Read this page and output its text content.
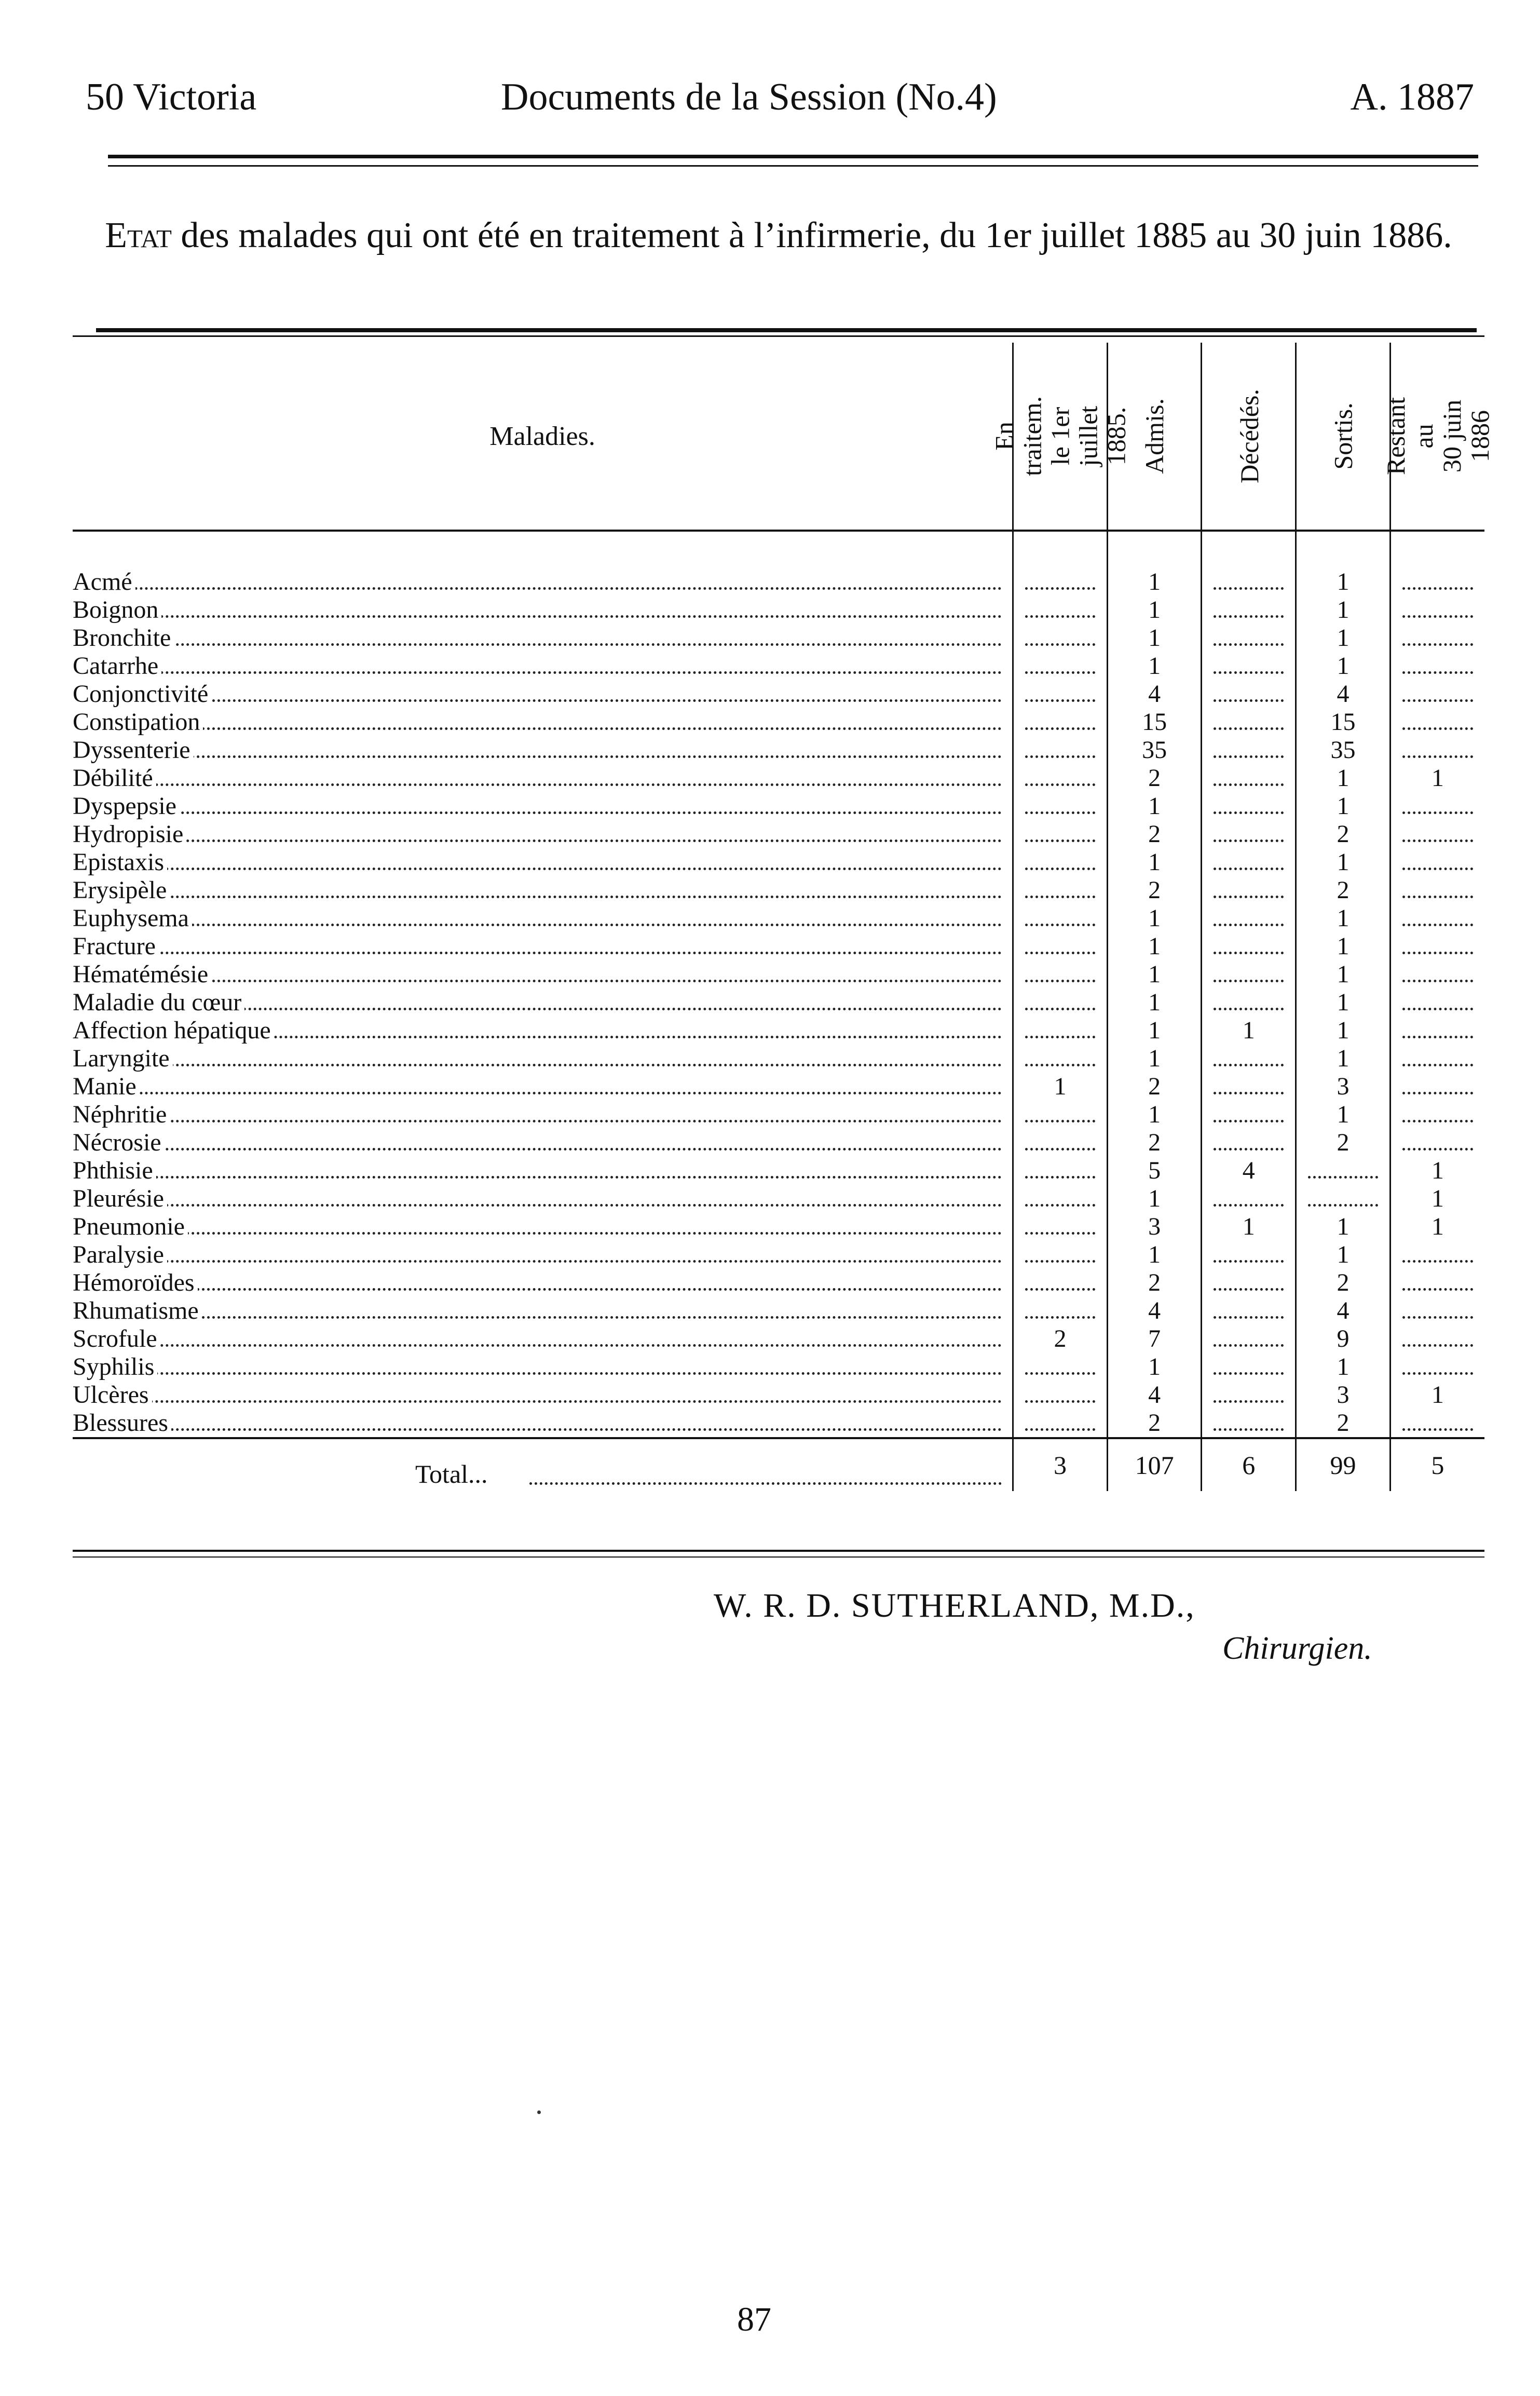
50 Victoria	Documents de la Session (No.4)	A. 1887
Etat des malades qui ont été en traitement à l’infirmerie, du 1er juillet 1885 au 30 juin 1886.
Maladies.	En traitem.
le 1er juillet
1885.	Admis.	Décédés.	Sortis.	Restant au
30 juin 1886

Acmé		1		1	

Boignon		1		1	

Bronchite		1		1	

Catarrhe		1		1	

Conjonctivité		4		4	

Constipation		15		15	

Dyssenterie		35		35	

Débilité		2		1	1

Dyspepsie		1		1	

Hydropisie		2		2	

Epistaxis		1		1	

Erysipèle		2		2	

Euphysema		1		1	

Fracture		1		1	

Hématémésie		1		1	

Maladie du cœur		1		1	

Affection hépatique		1	1	1	

Laryngite		1		1	

Manie	1	2		3	

Néphritie		1		1	

Nécrosie		2		2	

Phthisie		5	4		1

Pleurésie		1			1

Pneumonie		3	1	1	1

Paralysie		1		1	

Hémoroïdes		2		2	

Rhumatisme		4		4	

Scrofule	2	7		9	

Syphilis		1		1	

Ulcères		4		3	1

Blessures		2		2	

Total...	3	107	6	99	5
W. R. D. SUTHERLAND, M.D.,
Chirurgien.
87
